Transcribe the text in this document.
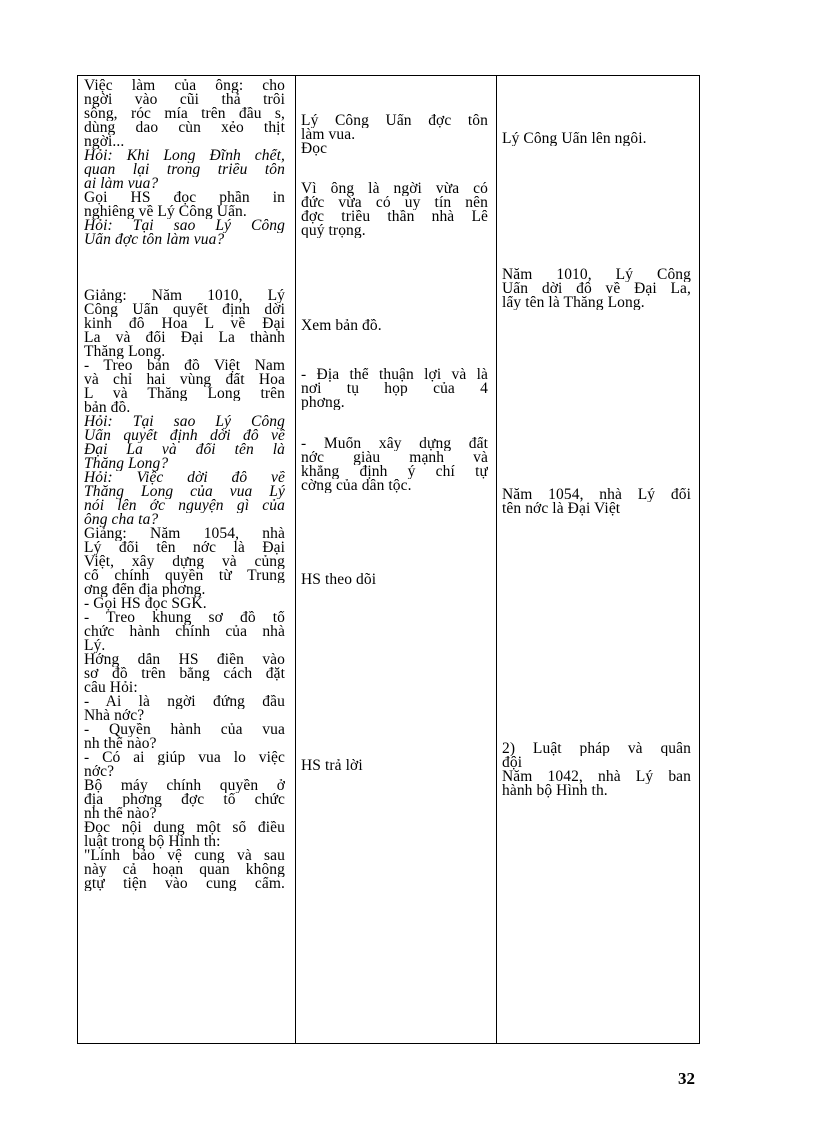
Việc làm của ông: cho
ngời vào cũi thả trôi
sông, róc mía trên đầu s,
dùng dao cùn xẻo thịt
ngời...
Hỏi: Khi Long Đĩnh chết,
quan lại trong triều tôn
ai làm vua?
Gọi HS đọc phần in
nghiêng về Lý Công Uẩn.
Hỏi: Tại sao Lý Công
Uẩn đợc tôn làm vua?
Giảng: Năm 1010, Lý
Công Uẩn quyết định dời
kinh đô Hoa L về Đại
La và đổi Đại La thành
Thăng Long.
- Treo bản đồ Việt Nam
và chỉ hai vùng đất Hoa
L và Thăng Long trên
bản đồ.
Hỏi: Tại sao Lý Công
Uẩn quyết định dời đô về
Đại La và đổi tên là
Thăng Long?
Hỏi: Việc dời đô về
Thăng Long của vua Lý
nói lên ớc nguyện gì của
ông cha ta?
Giảng: Năm 1054, nhà
Lý đổi tên nớc là Đại
Việt, xây dựng và củng
cố chính quyền từ Trung
ơng đến địa phơng.
- Gọi HS đọc SGK.
- Treo khung sơ đồ tổ
chức hành chính của nhà
Lý.
Hớng dẫn HS điền vào
sơ đồ trên bằng cách đặt
câu Hỏi:
- Ai là ngời đứng đầu
Nhà nớc?
- Quyền hành của vua
nh thế nào?
- Có ai giúp vua lo việc
nớc?
Bộ máy chính quyền ở
địa phơng đợc tổ chức
nh thế nào?
Đọc nội dung một số điều
luật trong bộ Hình th:
"Lính bảo vệ cung và sau
này cả hoạn quan không
gtự tiện vào cung cấm.
Lý Công Uẩn đợc tôn
làm vua.
Đọc
Vì ông là ngời vừa có
đức vừa có uy tín nên
đợc triều thần nhà Lê
quý trọng.
Xem bản đồ.
- Địa thế thuận lợi và là
nơi tụ họp của 4
phơng.
- Muốn xây dựng đất
nớc giàu mạnh và
khẳng định ý chí tự
cờng của dân tộc.
HS theo dõi
HS trả lời
Lý Công Uẩn lên ngôi.
Năm 1010, Lý Công
Uẩn dời đô về Đại La,
lấy tên là Thăng Long.
Năm 1054, nhà Lý đổi
tên nớc là Đại Việt
2) Luật pháp và quân
đội
Năm 1042, nhà Lý ban
hành bộ Hình th.
32
